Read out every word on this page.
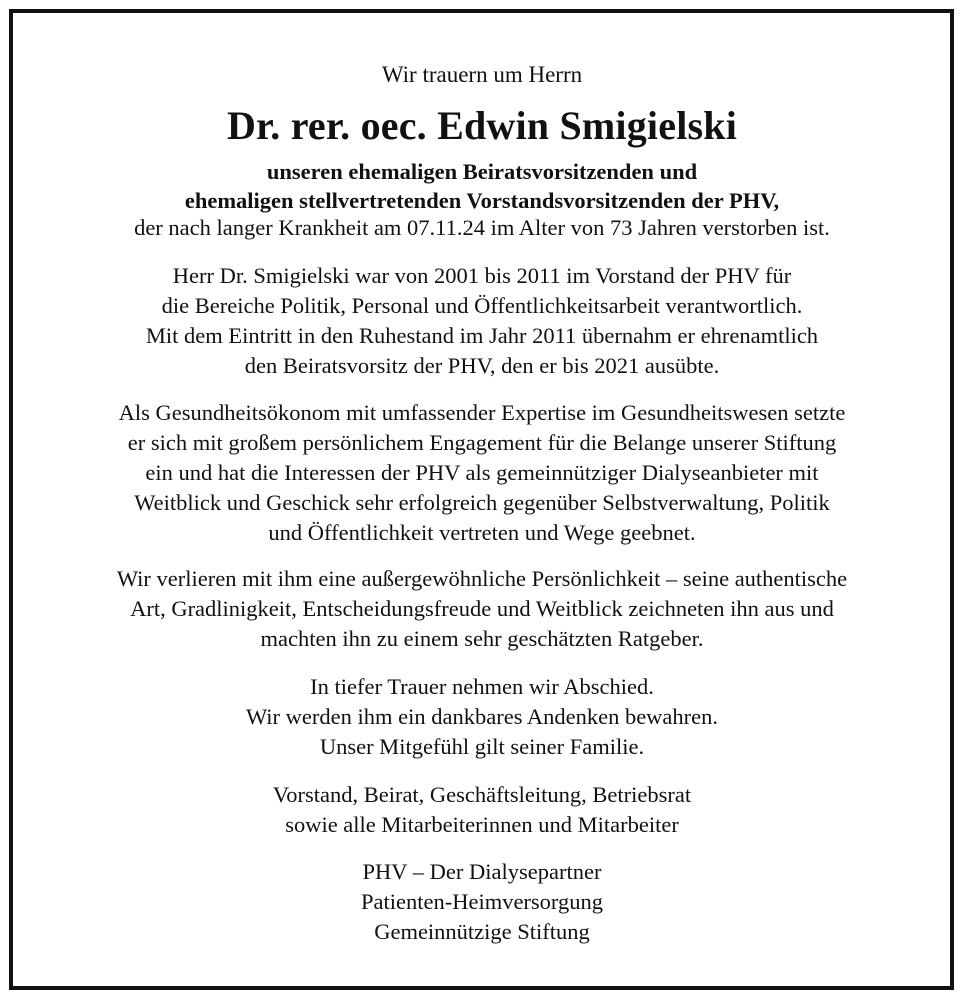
Wir trauern um Herrn
Dr. rer. oec. Edwin Smigielski
unseren ehemaligen Beiratsvorsitzenden und
ehemaligen stellvertretenden Vorstandsvorsitzenden der PHV,
der nach langer Krankheit am 07.11.24 im Alter von 73 Jahren verstorben ist.
Herr Dr. Smigielski war von 2001 bis 2011 im Vorstand der PHV für
die Bereiche Politik, Personal und Öffentlichkeitsarbeit verantwortlich.
Mit dem Eintritt in den Ruhestand im Jahr 2011 übernahm er ehrenamtlich
den Beiratsvorsitz der PHV, den er bis 2021 ausübte.
Als Gesundheitsökonom mit umfassender Expertise im Gesundheitswesen setzte
er sich mit großem persönlichem Engagement für die Belange unserer Stiftung
ein und hat die Interessen der PHV als gemeinnütziger Dialyseanbieter mit
Weitblick und Geschick sehr erfolgreich gegenüber Selbstverwaltung, Politik
und Öffentlichkeit vertreten und Wege geebnet.
Wir verlieren mit ihm eine außergewöhnliche Persönlichkeit – seine authentische
Art, Gradlinigkeit, Entscheidungsfreude und Weitblick zeichneten ihn aus und
machten ihn zu einem sehr geschätzten Ratgeber.
In tiefer Trauer nehmen wir Abschied.
Wir werden ihm ein dankbares Andenken bewahren.
Unser Mitgefühl gilt seiner Familie.
Vorstand, Beirat, Geschäftsleitung, Betriebsrat
sowie alle Mitarbeiterinnen und Mitarbeiter
PHV – Der Dialysepartner
Patienten-Heimversorgung
Gemeinnützige Stiftung
